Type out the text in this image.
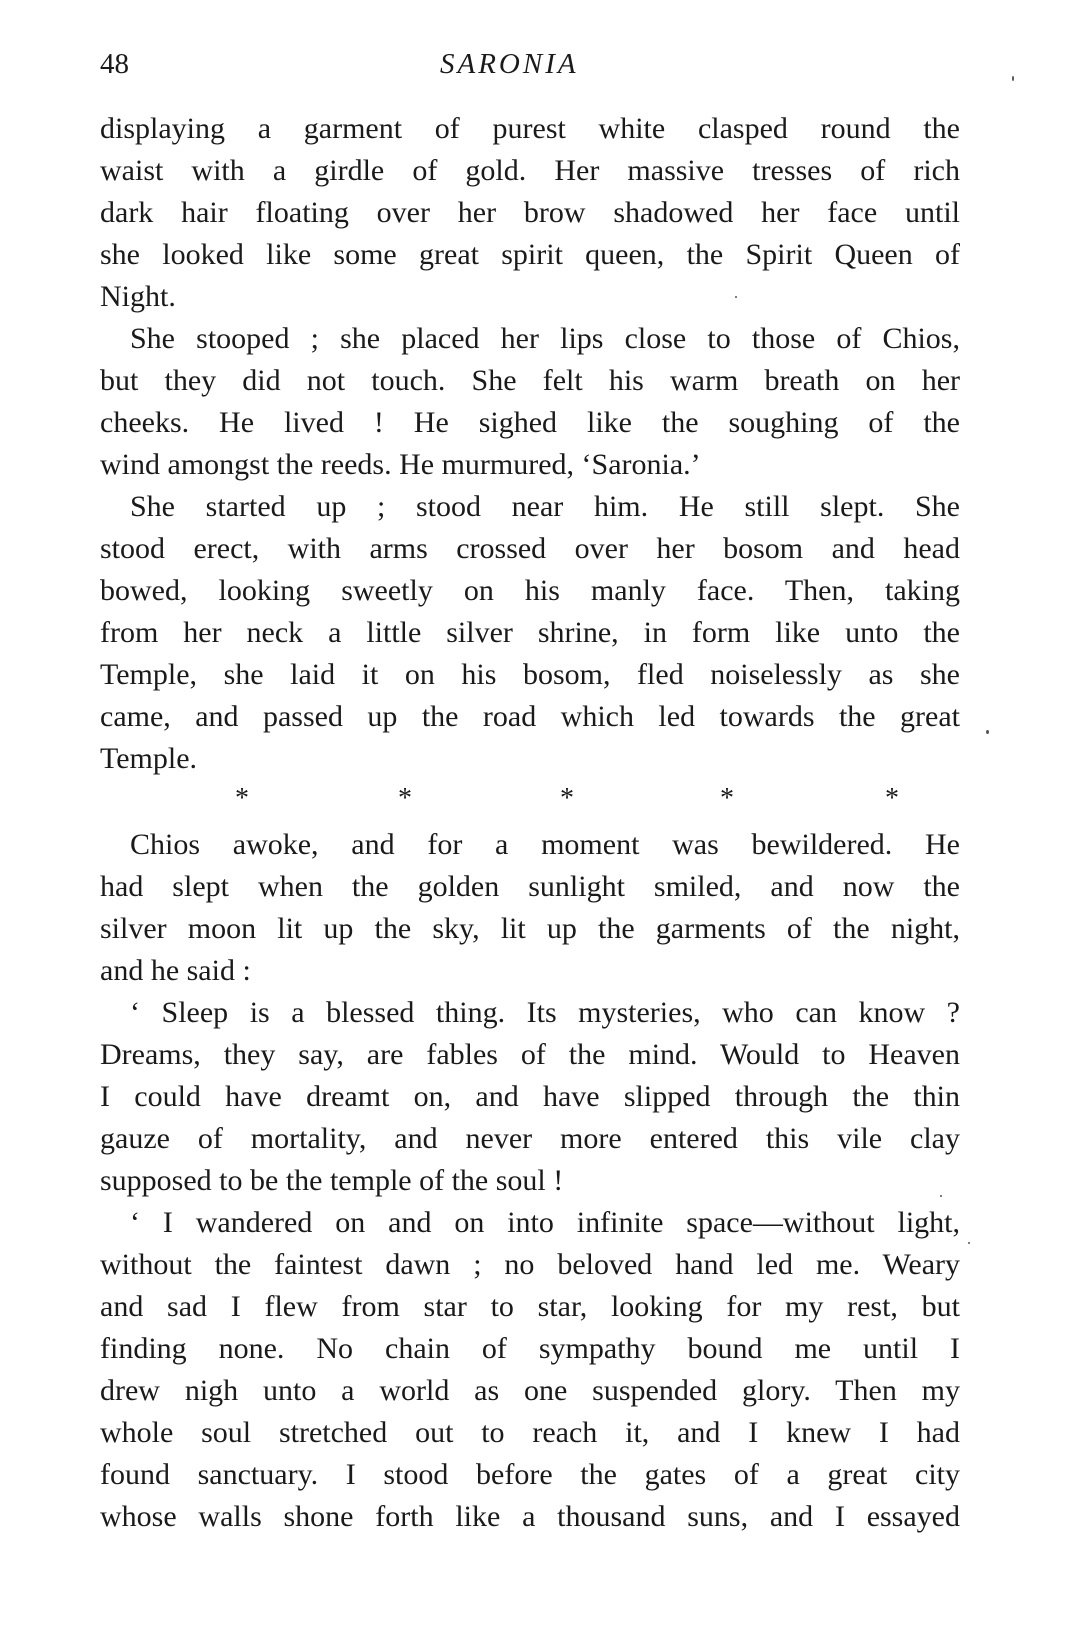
48	SARONIA

displaying a garment of purest white clasped round the

waist with a girdle of gold. Her massive tresses of rich

dark hair floating over her brow shadowed her face until

she looked like some great spirit queen, the Spirit Queen of

Night.

She stooped ; she placed her lips close to those of Chios,

but they did not touch. She felt his warm breath on her

cheeks. He lived ! He sighed like the soughing of the

wind amongst the reeds. He murmured, ‘Saronia.’

She started up ; stood near him. He still slept. She

stood erect, with arms crossed over her bosom and head

bowed, looking sweetly on his manly face. Then, taking

from her neck a little silver shrine, in form like unto the

Temple, she laid it on his bosom, fled noiselessly as she

came, and passed up the road which led towards the great

Temple.

*	*	*	*	*

Chios awoke, and for a moment was bewildered. He

had slept when the golden sunlight smiled, and now the

silver moon lit up the sky, lit up the garments of the night,

and he said :

‘ Sleep is a blessed thing. Its mysteries, who can know ?

Dreams, they say, are fables of the mind. Would to Heaven

I could have dreamt on, and have slipped through the thin

gauze of mortality, and never more entered this vile clay

supposed to be the temple of the soul !

‘ I wandered on and on into infinite space—without light,

without the faintest dawn ; no beloved hand led me. Weary

and sad I flew from star to star, looking for my rest, but

finding none. No chain of sympathy bound me until I

drew nigh unto a world as one suspended glory. Then my

whole soul stretched out to reach it, and I knew I had

found sanctuary. I stood before the gates of a great city

whose walls shone forth like a thousand suns, and I essayed
